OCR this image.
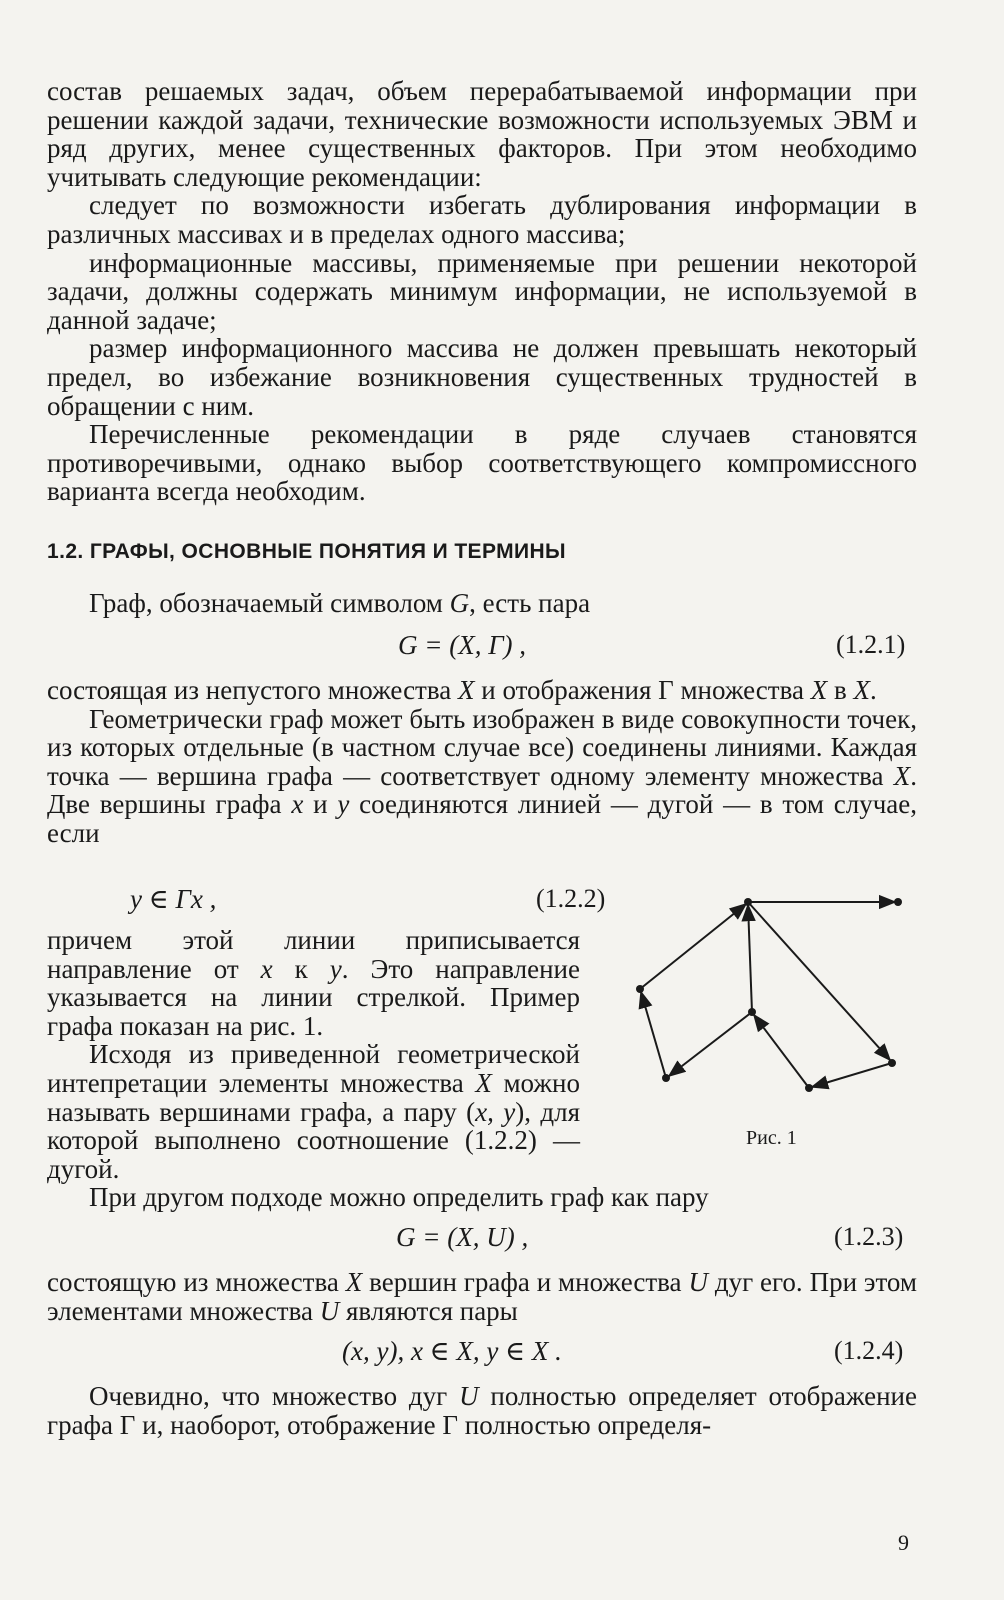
состав решаемых задач, объем перерабатываемой информации при решении каждой задачи, технические возможности используемых ЭВМ и ряд других, менее существенных факторов. При этом необходимо учитывать следующие рекомендации:

следует по возможности избегать дублирования информации в различных массивах и в пределах одного массива;

информационные массивы, применяемые при решении некоторой задачи, должны содержать минимум информации, не используемой в данной задаче;

размер информационного массива не должен превышать некоторый предел, во избежание возникновения существенных трудностей в обращении с ним.

Перечисленные рекомендации в ряде случаев становятся противоречивыми, однако выбор соответствующего компромиссного варианта всегда необходим.

1.2. ГРАФЫ, ОСНОВНЫЕ ПОНЯТИЯ И ТЕРМИНЫ

Граф, обозначаемый символом G, есть пара

G = (X, Г) ,	(1.2.1)

состоящая из непустого множества X и отображения Г множества X в X.

Геометрически граф может быть изображен в виде совокупности точек, из которых отдельные (в частном случае все) соединены линиями. Каждая точка — вершина графа — соответствует одному элементу множества X. Две вершины графа x и y соединяются линией — дугой — в том случае, если

y ∈ Гx ,	(1.2.2)

причем этой линии приписывается направление от x к y. Это направление указывается на линии стрелкой. Пример графа показан на рис. 1.

Исходя из приведенной геометрической интепретации элементы множества X можно называть вершинами графа, а пару (x, y), для которой выполнено соотношение (1.2.2) — дугой.

Рис. 1

При другом подходе можно определить граф как пару

G = (X, U) ,	(1.2.3)

состоящую из множества X вершин графа и множества U дуг его. При этом элементами множества U являются пары

(x, y), x ∈ X, y ∈ X .	(1.2.4)

Очевидно, что множество дуг U полностью определяет отображение графа Г и, наоборот, отображение Г полностью определя-

9
